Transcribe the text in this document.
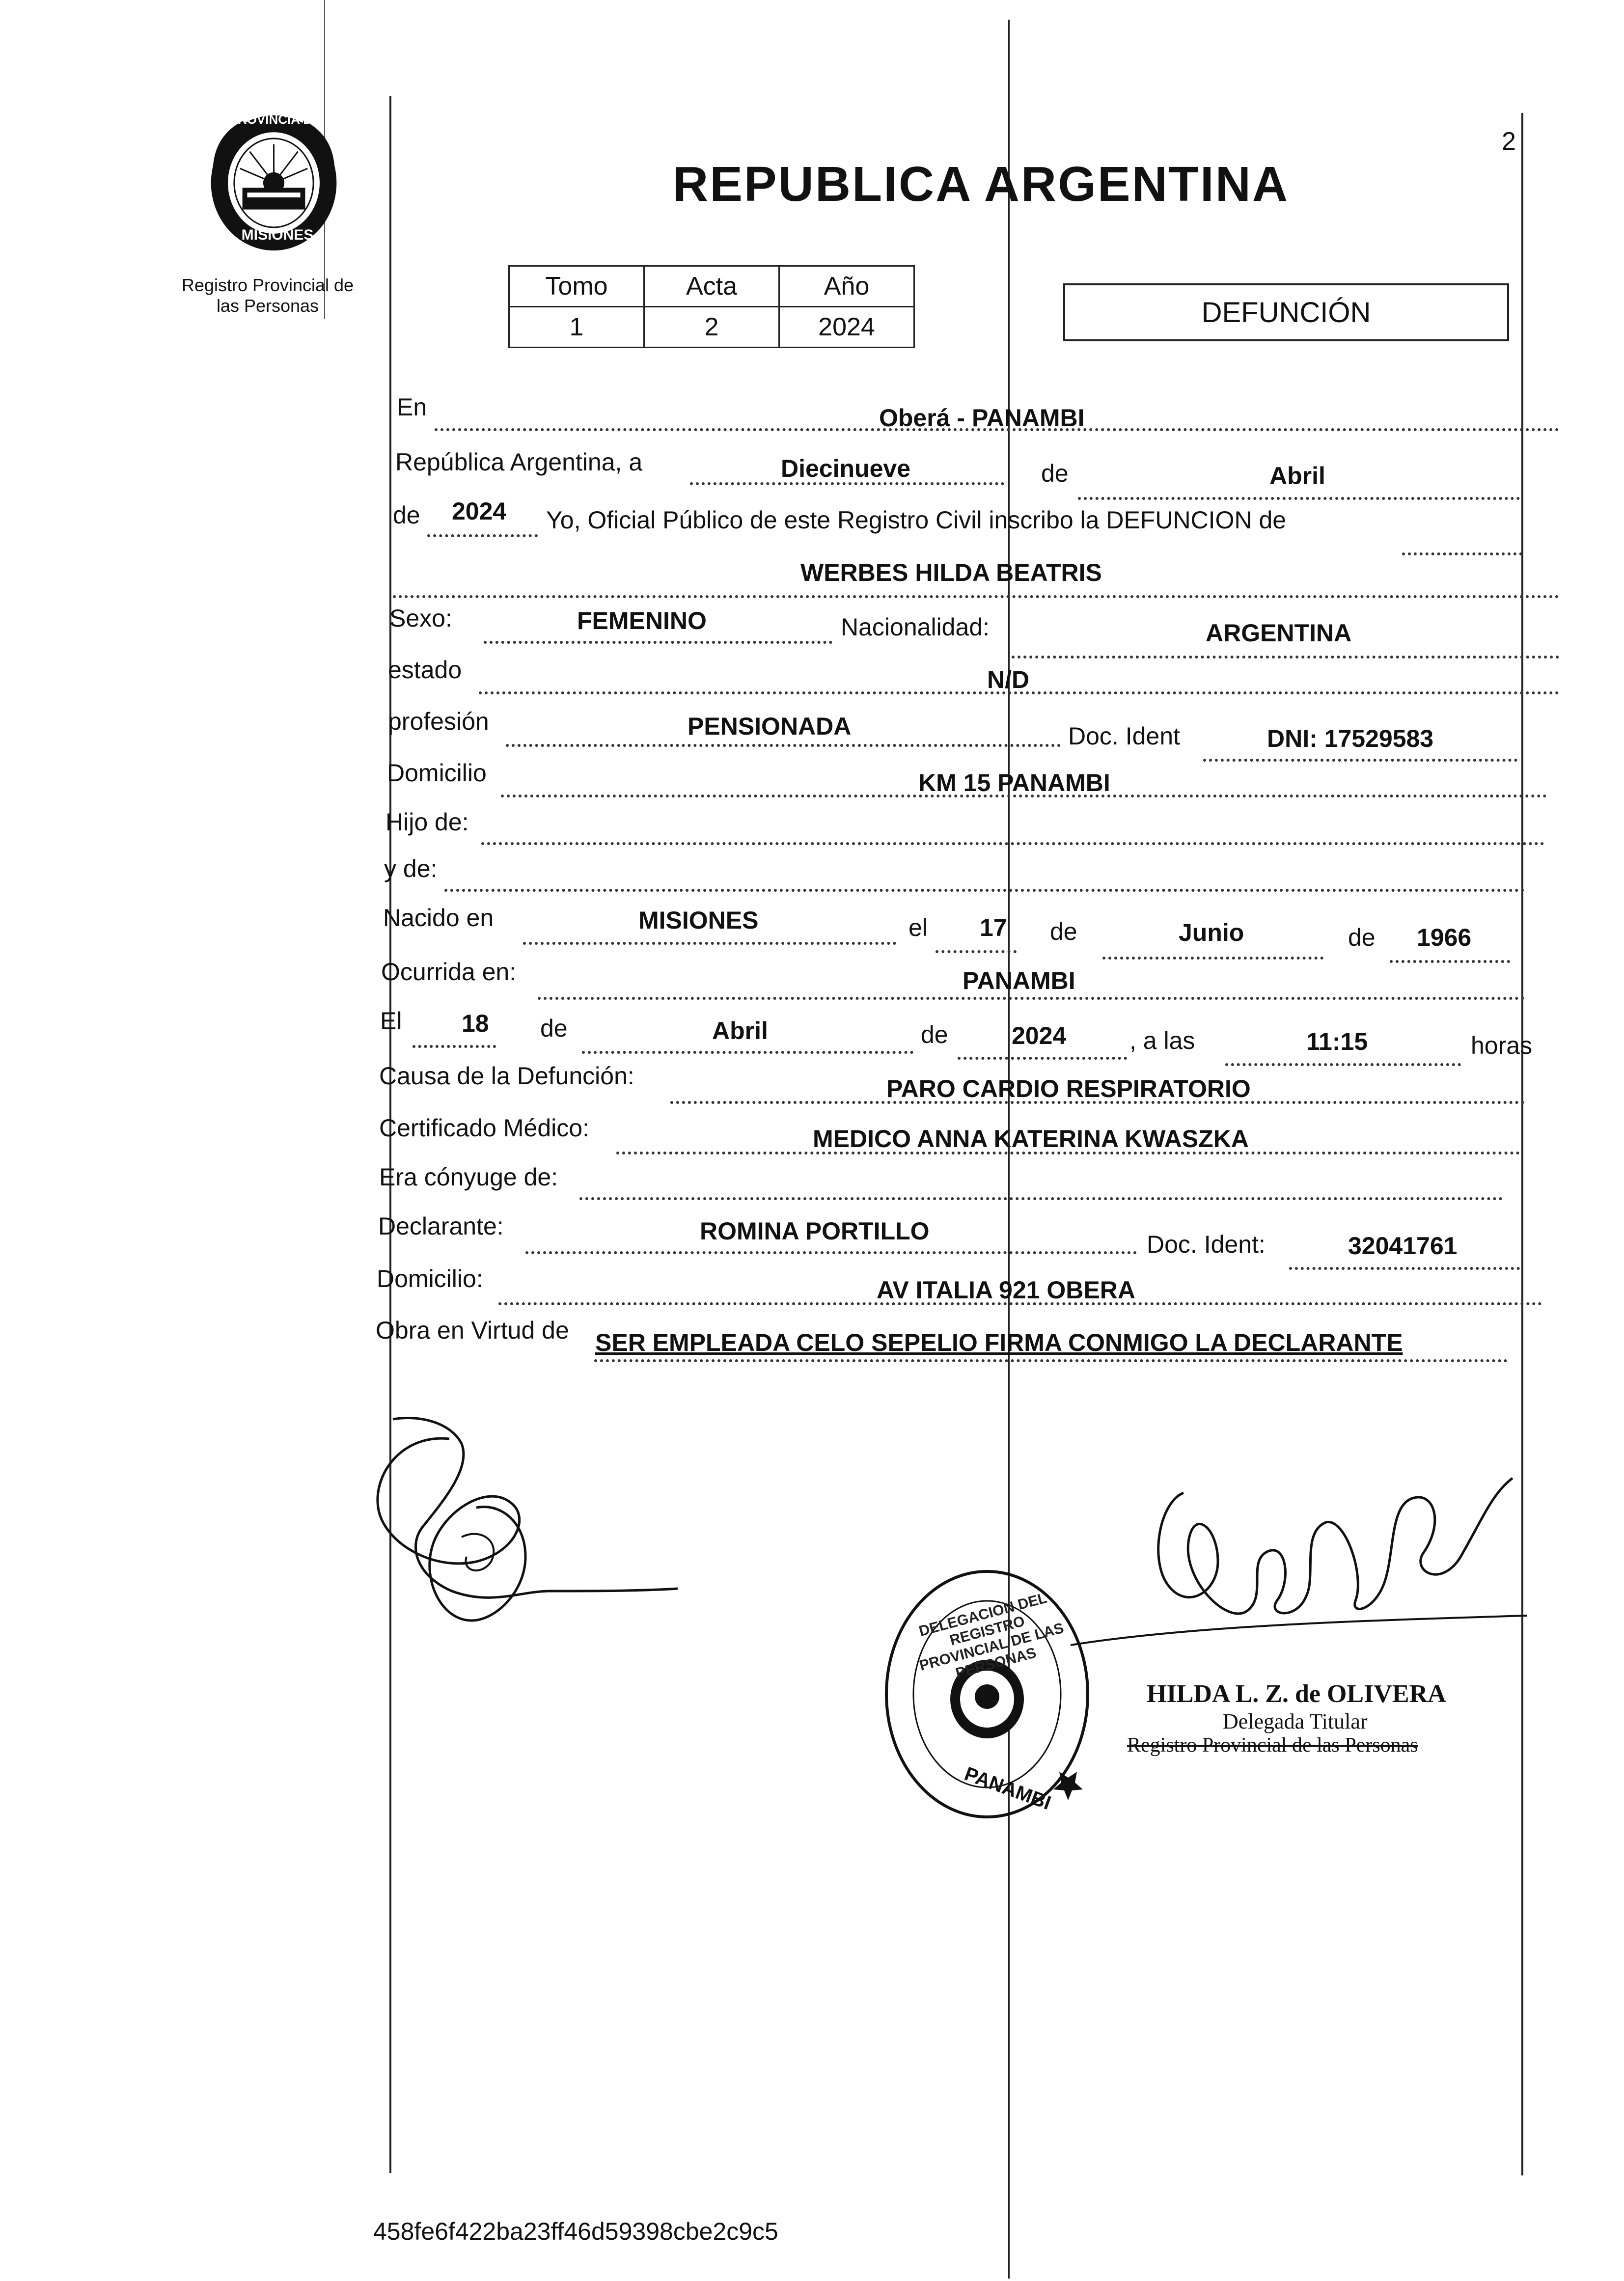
PROVINCIA DE
MISIONES
Registro Provincial de
las Personas
REPUBLICA ARGENTINA
2
Tomo	Acta	Año
1	2	2024	DEFUNCIÓN
En	Oberá - PANAMBI
República Argentina, a	Diecinueve	de	Abril
de 2024 Yo, Oficial Público de este Registro Civil inscribo la DEFUNCION de
WERBES HILDA BEATRIS
Sexo:	FEMENINO	Nacionalidad:	ARGENTINA
estado	N/D
profesión	PENSIONADA	Doc. Ident	DNI: 17529583
Domicilio	KM 15 PANAMBI
Hijo de:
y de:
Nacido en	MISIONES	el 17 de	Junio	de 1966
Ocurrida en:	PANAMBI
El 18 de	Abril	de	2024	, a las	11:15	horas
Causa de la Defunción:	PARO CARDIO RESPIRATORIO
Certificado Médico:	MEDICO ANNA KATERINA KWASZKA
Era cónyuge de:
Declarante:	ROMINA PORTILLO	Doc. Ident:	32041761
Domicilio:	AV ITALIA 921 OBERA
Obra en Virtud de SER EMPLEADA CELO SEPELIO FIRMA CONMIGO LA DECLARANTE
DELEGACION DEL REGISTRO PROVINCIAL DE LAS PERSONAS
PANAMBI
HILDA L. Z. de OLIVERA
Delegada Titular
Registro Provincial de las Personas
458fe6f422ba23ff46d59398cbe2c9c5
